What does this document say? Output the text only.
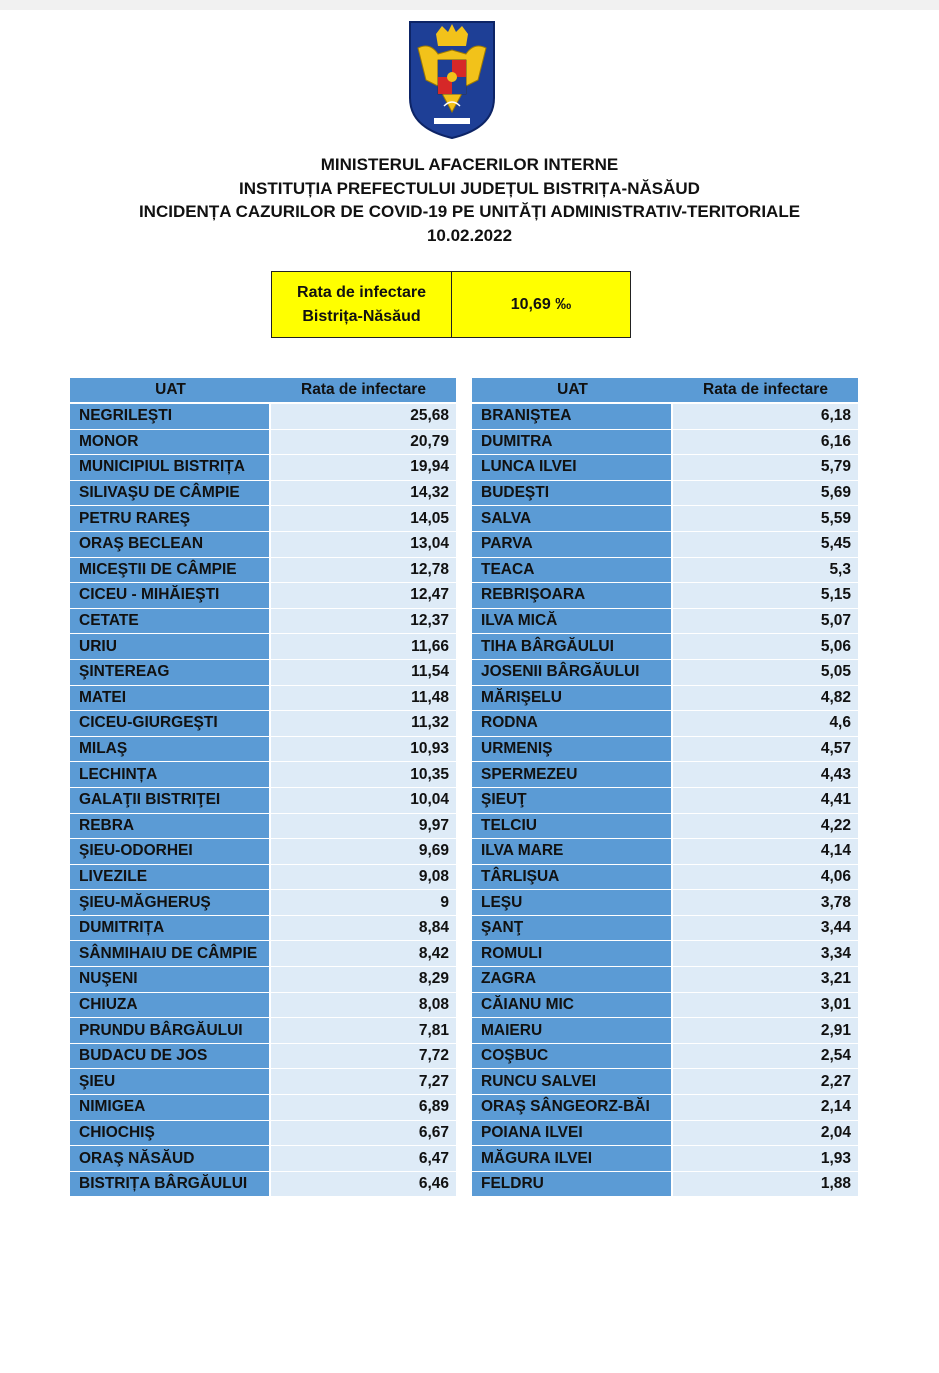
MINISTERUL AFACERILOR INTERNE
INSTITUȚIA PREFECTULUI JUDEȚUL BISTRIȚA-NĂSĂUD
INCIDENȚA CAZURILOR DE COVID-19 PE UNITĂȚI ADMINISTRATIV-TERITORIALE
10.02.2022
Rata de infectare
Bistrița-Năsăud
10,69 ‰
UAT	Rata de infectare
NEGRILEŞTI	25,68
MONOR	20,79
MUNICIPIUL BISTRIȚA	19,94
SILIVAŞU DE CÂMPIE	14,32
PETRU RAREŞ	14,05
ORAŞ BECLEAN	13,04
MICEŞTII DE CÂMPIE	12,78
CICEU - MIHĂIEŞTI	12,47
CETATE	12,37
URIU	11,66
ŞINTEREAG	11,54
MATEI	11,48
CICEU-GIURGEŞTI	11,32
MILAŞ	10,93
LECHINȚA	10,35
GALAŢII BISTRIŢEI	10,04
REBRA	9,97
ŞIEU-ODORHEI	9,69
LIVEZILE	9,08
ŞIEU-MĂGHERUŞ	9
DUMITRIȚA	8,84
SÂNMIHAIU DE CÂMPIE	8,42
NUŞENI	8,29
CHIUZA	8,08
PRUNDU BÂRGĂULUI	7,81
BUDACU DE JOS	7,72
ŞIEU	7,27
NIMIGEA	6,89
CHIOCHIŞ	6,67
ORAŞ NĂSĂUD	6,47
BISTRIȚA BÂRGĂULUI	6,46
UAT	Rata de infectare
BRANIŞTEA	6,18
DUMITRA	6,16
LUNCA ILVEI	5,79
BUDEŞTI	5,69
SALVA	5,59
PARVA	5,45
TEACA	5,3
REBRIŞOARA	5,15
ILVA MICĂ	5,07
TIHA BÂRGĂULUI	5,06
JOSENII BÂRGĂULUI	5,05
MĂRIŞELU	4,82
RODNA	4,6
URMENIŞ	4,57
SPERMEZEU	4,43
ŞIEUŢ	4,41
TELCIU	4,22
ILVA MARE	4,14
TÂRLIŞUA	4,06
LEŞU	3,78
ŞANŢ	3,44
ROMULI	3,34
ZAGRA	3,21
CĂIANU MIC	3,01
MAIERU	2,91
COŞBUC	2,54
RUNCU SALVEI	2,27
ORAŞ SÂNGEORZ-BĂI	2,14
POIANA ILVEI	2,04
MĂGURA ILVEI	1,93
FELDRU	1,88
